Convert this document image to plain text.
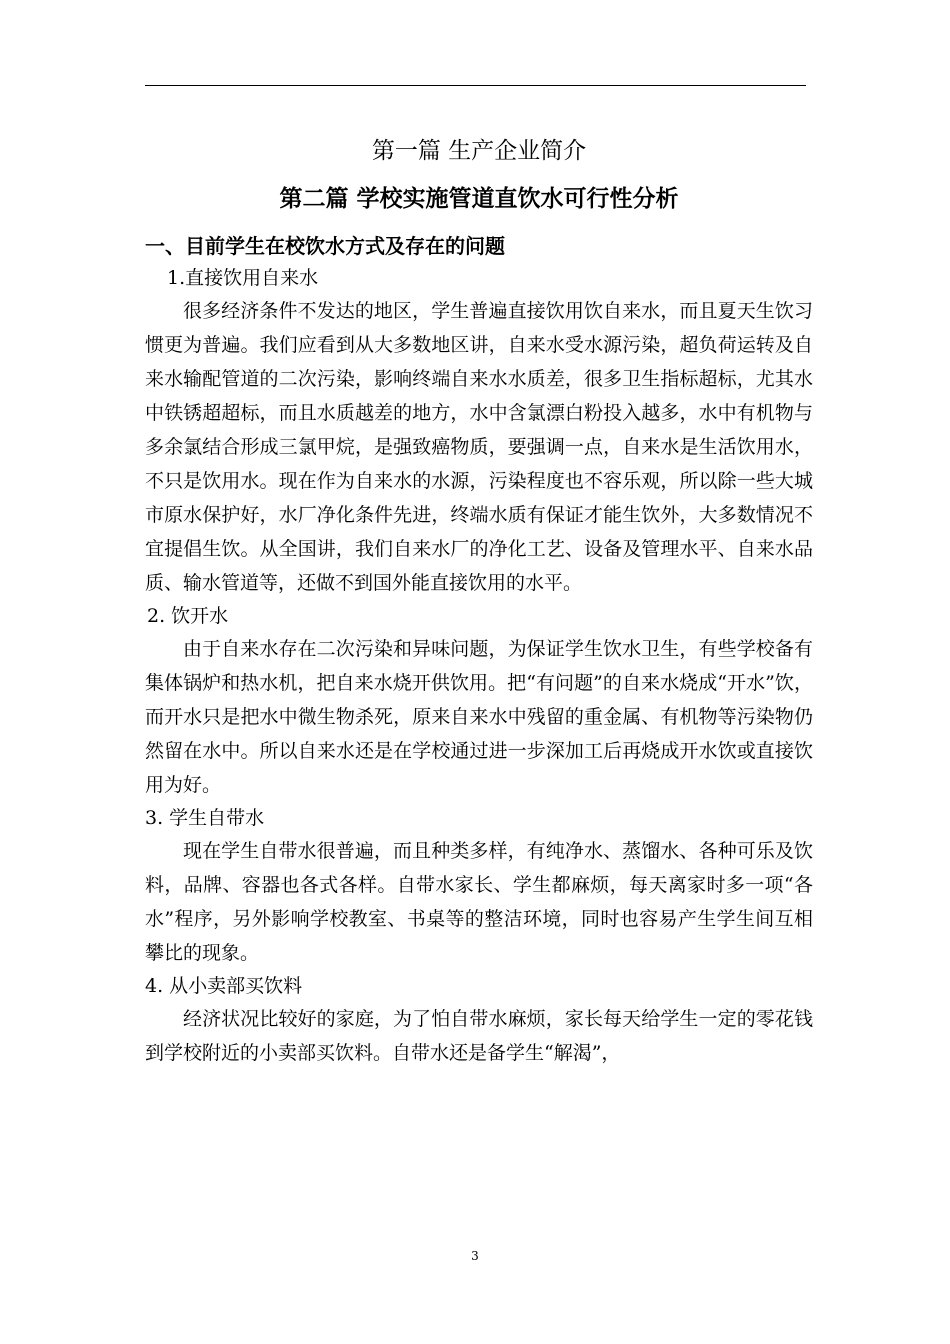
第一篇 生产企业简介
第二篇 学校实施管道直饮水可行性分析
一、目前学生在校饮水方式及存在的问题
1.直接饮用自来水

很多经济条件不发达的地区，学生普遍直接饮用饮自来水，而且夏天生饮习惯更为普遍。我们应看到从大多数地区讲，自来水受水源污染，超负荷运转及自来水输配管道的二次污染，影响终端自来水水质差，很多卫生指标超标，尤其水中铁锈超超标，而且水质越差的地方，水中含氯漂白粉投入越多，水中有机物与多余氯结合形成三氯甲烷，是强致癌物质，要强调一点，自来水是生活饮用水，不只是饮用水。现在作为自来水的水源，污染程度也不容乐观，所以除一些大城市原水保护好，水厂净化条件先进，终端水质有保证才能生饮外，大多数情况不宜提倡生饮。从全国讲，我们自来水厂的净化工艺、设备及管理水平、自来水品质、输水管道等，还做不到国外能直接饮用的水平。

2. 饮开水

由于自来水存在二次污染和异味问题，为保证学生饮水卫生，有些学校备有集体锅炉和热水机，把自来水烧开供饮用。把“有问题”的自来水烧成“开水”饮，而开水只是把水中微生物杀死，原来自来水中残留的重金属、有机物等污染物仍然留在水中。所以自来水还是在学校通过进一步深加工后再烧成开水饮或直接饮用为好。

3. 学生自带水

现在学生自带水很普遍，而且种类多样，有纯净水、蒸馏水、各种可乐及饮料，品牌、容器也各式各样。自带水家长、学生都麻烦，每天离家时多一项“各水”程序，另外影响学校教室、书桌等的整洁环境，同时也容易产生学生间互相攀比的现象。

4. 从小卖部买饮料

经济状况比较好的家庭，为了怕自带水麻烦，家长每天给学生一定的零花钱到学校附近的小卖部买饮料。自带水还是备学生“解渴”，

3
